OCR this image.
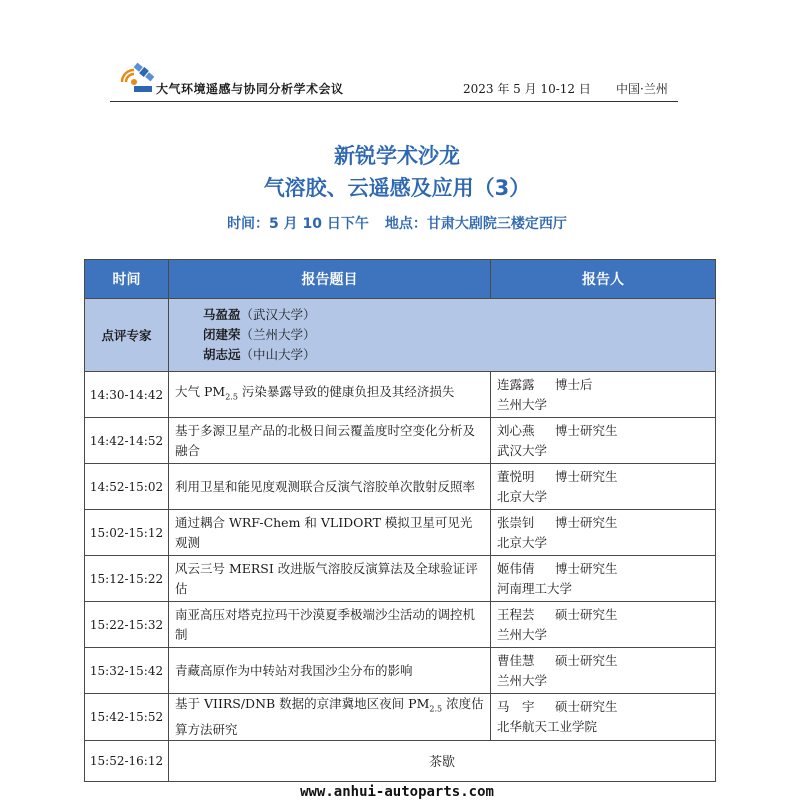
大气环境遥感与协同分析学术会议	2023 年 5 月 10-12 日 中国·兰州
新锐学术沙龙
气溶胶、云遥感及应用（3）
时间：5 月 10 日下午 地点：甘肃大剧院三楼定西厅
时间	报告题目	报告人
点评专家	马盈盈（武汉大学）
闭建荣（兰州大学）
胡志远（中山大学）	

14:30-14:42	大气 $PM_{2.5}$ 污染暴露导致的健康负担及其经济损失	连露露 博士后
兰州大学
14:42-14:52	基于多源卫星产品的北极日间云覆盖度时空变化分析及融合	刘心燕 博士研究生
武汉大学
14:52-15:02	利用卫星和能见度观测联合反演气溶胶单次散射反照率	董悦明 博士研究生
北京大学
15:02-15:12	通过耦合 WRF-Chem 和 VLIDORT 模拟卫星可见光观测	张崇钊 博士研究生
北京大学
15:12-15:22	风云三号 MERSI 改进版气溶胶反演算法及全球验证评估	姬伟倩 博士研究生
河南理工大学
15:22-15:32	南亚高压对塔克拉玛干沙漠夏季极端沙尘活动的调控机制	王程芸 硕士研究生
兰州大学
15:32-15:42	青藏高原作为中转站对我国沙尘分布的影响	曹佳慧 硕士研究生
兰州大学
15:42-15:52	基于 VIIRS/DNB 数据的京津冀地区夜间 $PM_{2.5}$ 浓度估算方法研究	马　宇 硕士研究生
北华航天工业学院
15:52-16:12	茶歇	
www.anhui-autoparts.com
